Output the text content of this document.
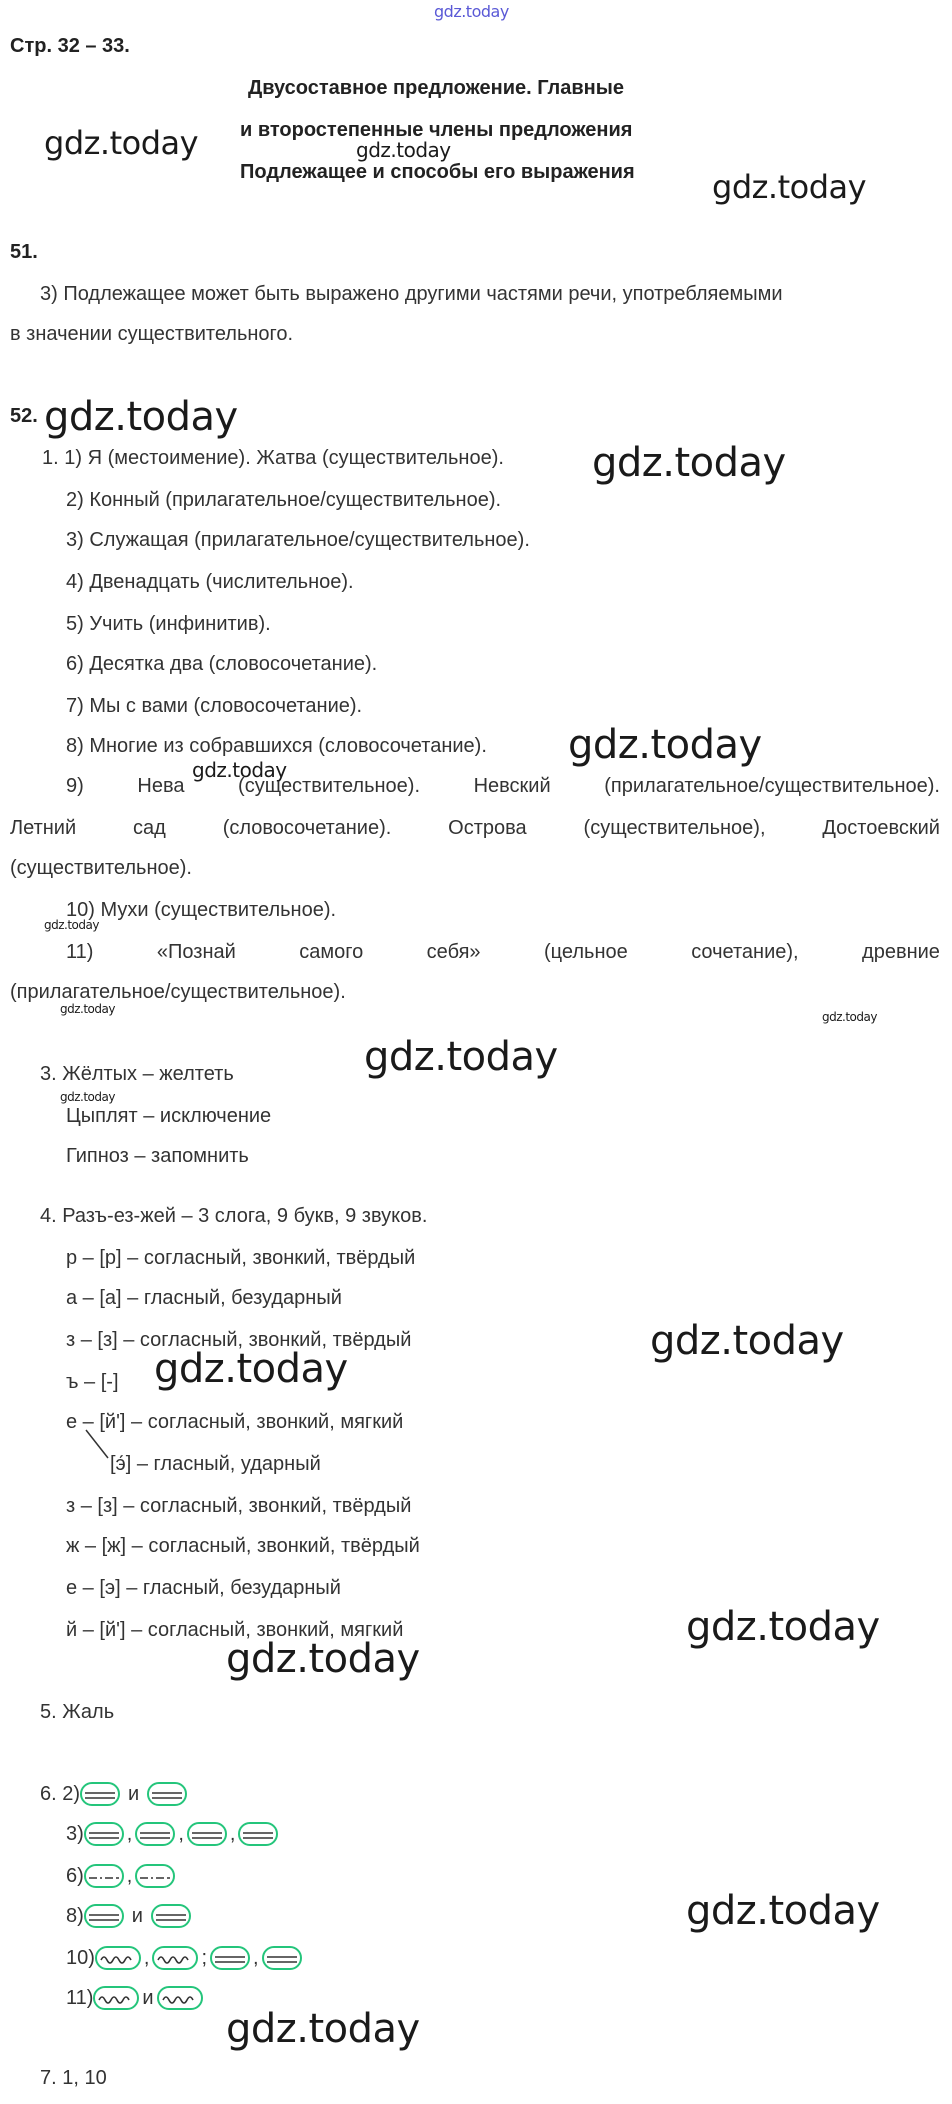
gdz.today
gdz.today	gdz.today
gdz.today
gdz.today
gdz.today
gdz.today
gdz.today
gdz.today
gdz.today
gdz.today
gdz.today
gdz.today
gdz.today
gdz.today
gdz.today
gdz.today
gdz.today
gdz.today
Стр. 32 – 33.
Двусоставное предложение. Главные
и второстепенные члены предложения
Подлежащее и способы его выражения
51.
3) Подлежащее может быть выражено другими частями речи, употребляемыми
в значении существительного.
52.
1. 1) Я (местоимение). Жатва (существительное).
2) Конный (прилагательное/существительное).
3) Служащая (прилагательное/существительное).
4) Двенадцать (числительное).
5) Учить (инфинитив).
6) Десятка два (словосочетание).
7) Мы с вами (словосочетание).
8) Многие из собравшихся (словосочетание).
9)	Нева	(существительное).	Невский	(прилагательное/существительное).
Летний	сад	(словосочетание).	Острова	(существительное),	Достоевский
(существительное).
10) Мухи (существительное).
11)	«Познай	самого	себя»	(цельное	сочетание),	древние
(прилагательное/существительное).
3. Жёлтых – желтеть
Цыплят – исключение
Гипноз – запомнить
4. Разъ-ез-жей – 3 слога, 9 букв, 9 звуков.
р – [р] – согласный, звонкий, твёрдый
а – [а] – гласный, безударный
з – [з] – согласный, звонкий, твёрдый
ъ – [-]
е – [й'] – согласный, звонкий, мягкий
[э́] – гласный, ударный
з – [з] – согласный, звонкий, твёрдый
ж – [ж] – согласный, звонкий, твёрдый
е – [э] – гласный, безударный
й – [й'] – согласный, звонкий, мягкий
5. Жаль
6. 2) и
3) , , ,
6) ,
8) и
10) ,	; ,
11) и
7. 1, 10
